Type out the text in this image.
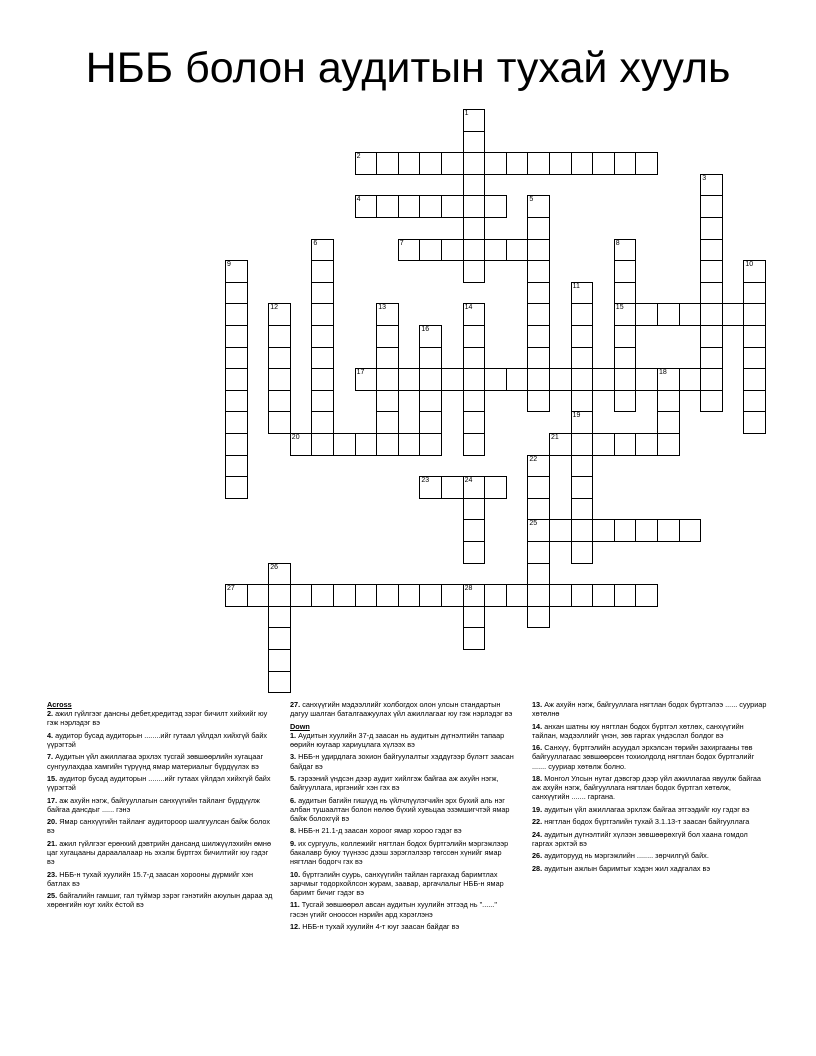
НББ болон аудитын тухай хууль
1
2
3
4	5
6	7	8
15
9	10
11
12	13	14
16
17	18
19
20	21
22
25
23	24
26
27	28
Across
2. ажил гүйлгээг дансны дебет,кредитэд зэрэг бичилт хийхийг юу гэж нэрлэдэг вэ
4. аудитор бусад аудиторын ........ийг гутаал үйлдэл хийхгүй байх үүрэгтэй
7. Аудитын үйл ажиллагаа эрхлэх тусгай зөвшөөрлийн хугацааг сунгуулахдаа хамгийн түрүүнд ямар материалыг бүрдүүлэх вэ
15. аудитор бусад аудиторын ........ийг гутаах үйлдэл хийхгүй байх үүрэгтэй
17. аж ахуйн нэгж, байгууллагын санхүүгийн тайланг бүрдүүлж байгаа дансдыг ...... гэнэ
20. Ямар санхүүгийн тайланг аудитороор шалгуулсан байж болох вэ
21. ажил гүйлгээг ерөнхий дэвтрийн дансанд шилжүүлэхийн өмнө цаг хугацааны дараалалаар нь эхэлж бүртгэх бичилтийг юу гэдэг вэ
23. НББ-н тухай хуулийн 15.7-д заасан хорооны дүрмийг хэн батлах вэ
25. байгалийн гамшиг, гал түймэр зэрэг гэнэтийн аюулын дараа эд хөрөнгийн юуг хийх ёстой вэ
27. санхүүгийн мэдээллийг холбогдох олон улсын стандартын дагуу шалган баталгаажуулах үйл ажиллагааг юу гэж нэрлэдэг вэ
Down
1. Аудитын хуулийн 37-д заасан нь аудитын дүгнэлтийн тапаар өөрийн юугаар хариуцлага хүлээх вэ
3. НББ-н удирдлага зохион байгуулалтыг хэддүгээр бүлэгт заасан байдаг вэ
5. гэрээний үндсэн дээр аудит хийлгэж байгаа аж ахуйн нэгж, байгууллага, иргэнийг хэн гэх вэ
6. аудитын багийн гишүүд нь үйлчлүүлэгчийн эрх бүхий аль нэг албан тушаалтан болон нөлөө бүхий хувьцаа эзэмшигчтэй ямар байж болохгүй вэ
8. НББ-н 21.1-д заасан хороог ямар хороо гэдэг вэ
9. их сургууль, коллежийг нягтлан бодох бүртгэлийн мэргэжлээр бакалавр буюу түүнээс дээш зэрэглэлээр төгссөн хүнийг ямар нягтлан бодогч гэх вэ
10. бүртгэлийн суурь, санхүүгийн тайлан гаргахад баримтлах зарчмыг тодорхойлсон журам, заавар, аргачлалыг НББ-н ямар баримт бичиг гэдэг вэ
11. Тусгай зөвшөөрөл авсан аудитын хуулийн этгээд нь "......" гэсэн үгийг оноосон нэрийн ард хэрэглэнэ
12. НББ-н тухай хуулийн 4-т юуг заасан байдаг вэ
13. Аж ахуйн нэгж, байгууллага нягтлан бодох бүртгэлээ ...... сууриар хөтөлнө
14. анхан шатны юу нягтлан бодох бүртгэл хөтлөх, санхүүгийн тайлан, мэдээллийг үнэн, зөв гаргах үндэслэл болдог вэ
16. Санхүү, бүртгэлийн асуудал эрхэлсэн төрийн захиргааны төв байгууллагаас зөвшөөрсөн тохиолдолд нягтлан бодох бүртгэлийг ....... сууриар хөтөлж болно.
18. Монгол Улсын нутаг дэвсгэр дээр үйл ажиллагаа явуулж байгаа аж ахуйн нэгж, байгууллага нягтлан бодох бүртгэл хөтөлж, санхүүгийн ....... гаргана.
19. аудитын үйл ажиллагаа эрхлэж байгаа этгээдийг юу гэдэг вэ
22. нягтлан бодох бүртгэлийн тухай 3.1.13-т заасан байгууллага
24. аудитын дүгнэлтийг хүлээн зөвшөөрөхгүй бол хаана гомдол гаргах эрхтэй вэ
26. аудиторууд нь мэргэжлийн ........ зөрчилгүй байх.
28. аудитын ажлын баримтыг хэдэн жил хадгалах вэ
